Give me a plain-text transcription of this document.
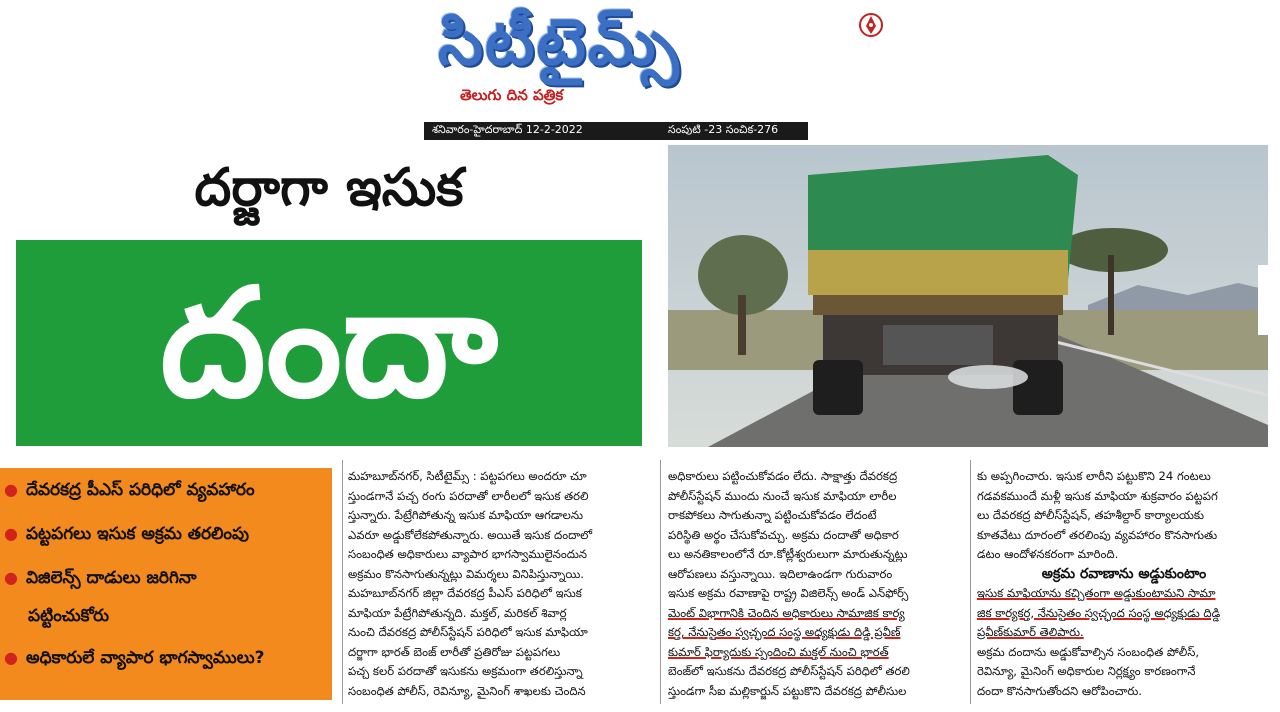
సిటీటైమ్స్
తెలుగు దిన పత్రిక
శనివారం-హైదరాబాద్ 12-2-2022	సంపుటి -23 సంచిక-276
దర్జాగా ఇసుక
దందా
● దేవరకద్ర పీఎస్ పరిధిలో వ్యవహారం
● పట్టపగలు ఇసుక అక్రమ తరలింపు
● విజిలెన్స్ దాడులు జరిగినా
పట్టించుకోరు
● అధికారులే వ్యాపార భాగస్వాములు?
మహబూబ్‌నగర్, సిటీటైమ్స్ : పట్టపగలు అందరూ చూ
స్తుండగానే పచ్చ రంగు పరదాతో లారీలలో ఇసుక తరలి
స్తున్నారు. పేట్రేగిపోతున్న ఇసుక మాఫియా ఆగడాలను
ఎవరూ అడ్డుకోలేకపోతున్నారు. అయితే ఇసుక దందాలో
సంబంధిత అధికారులు వ్యాపార భాగస్వాములైనందున
అక్రమం కొనసాగుతున్నట్లు విమర్శలు వినిపిస్తున్నాయి.
మహబూబ్‌నగర్ జిల్లా దేవరకద్ర పీఎస్ పరిధిలో ఇసుక
మాఫియా పేట్రేగిపోతున్నది. మక్తల్, మరికల్ శివార్ల
నుంచి దేవరకద్ర పోలీస్‌స్టేషన్ పరిధిలో ఇసుక మాఫియా
దర్జాగా భారత్ బెంజ్ లారీతో ప్రతిరోజు పట్టపగలు
పచ్చ కలర్ పరదాతో ఇసుకను అక్రమంగా తరలిస్తున్నా
సంబంధిత పోలీస్, రెవిన్యూ, మైనింగ్ శాఖలకు చెందిన
అధికారులు పట్టించుకోవడం లేదు. సాక్షాత్తు దేవరకద్ర
పోలీస్‌స్టేషన్ ముందు నుంచే ఇసుక మాఫియా లారీల
రాకపోకలు సాగుతున్నా పట్టించుకోవడం లేదంటే
పరిస్థితి అర్థం చేసుకోవచ్చు. అక్రమ దందాతో అధికార
లు అనతికాలంలోనే రూ.కోట్లీశ్వరులుగా మారుతున్నట్లు
ఆరోపణలు వస్తున్నాయి. ఇదిలాఉండగా గురువారం
ఇసుక అక్రమ రవాణాపై రాష్ట్ర విజిలెన్స్ అండ్ ఎన్‌ఫోర్స్
మెంట్ విభాగానికి చెందిన అధికారులు సామాజిక కార్య
కర్త, నేనుసైతం స్వచ్ఛంద సంస్థ అధ్యక్షుడు దిడ్డి ప్రవీణ్
కుమార్ ఫిర్యాదుకు స్పందించి మక్తల్ నుంచి భారత్
బెంజ్‌లో ఇసుకను దేవరకద్ర పోలీస్‌స్టేషన్ పరిధిలో తరలి
స్తుండగా సీఐ మల్లికార్జున్ పట్టుకొని దేవరకద్ర పోలీసుల
కు అప్పగించారు. ఇసుక లారీని పట్టుకొని 24 గంటలు
గడవకముందే మళ్లీ ఇసుక మాఫియా శుక్రవారం పట్టపగ
లు దేవరకద్ర పోలీస్‌స్టేషన్, తహశీల్దార్ కార్యాలయకు
కూతవేటు దూరంలో తరలింపు వ్యవహారం కొనసాగుతు
డటం ఆందోళనకరంగా మారింది.
అక్రమ రవాణాను అడ్డుకుంటాం
ఇసుక మాఫియాను కచ్చితంగా అడ్డుకుంటామని సామా
జిక కార్యకర్త, నేనుసైతం స్వచ్ఛంద సంస్థ అధ్యక్షుడు దిడ్డి
ప్రవీణ్‌కుమార్ తెలిపారు.
అక్రమ దందాను అడ్డుకోవాల్సిన సంబంధిత పోలీస్,
రెవిన్యూ, మైనింగ్ అధికారుల నిర్లక్ష్యం కారణంగానే
దందా కొనసాగుతోందని ఆరోపించారు.
